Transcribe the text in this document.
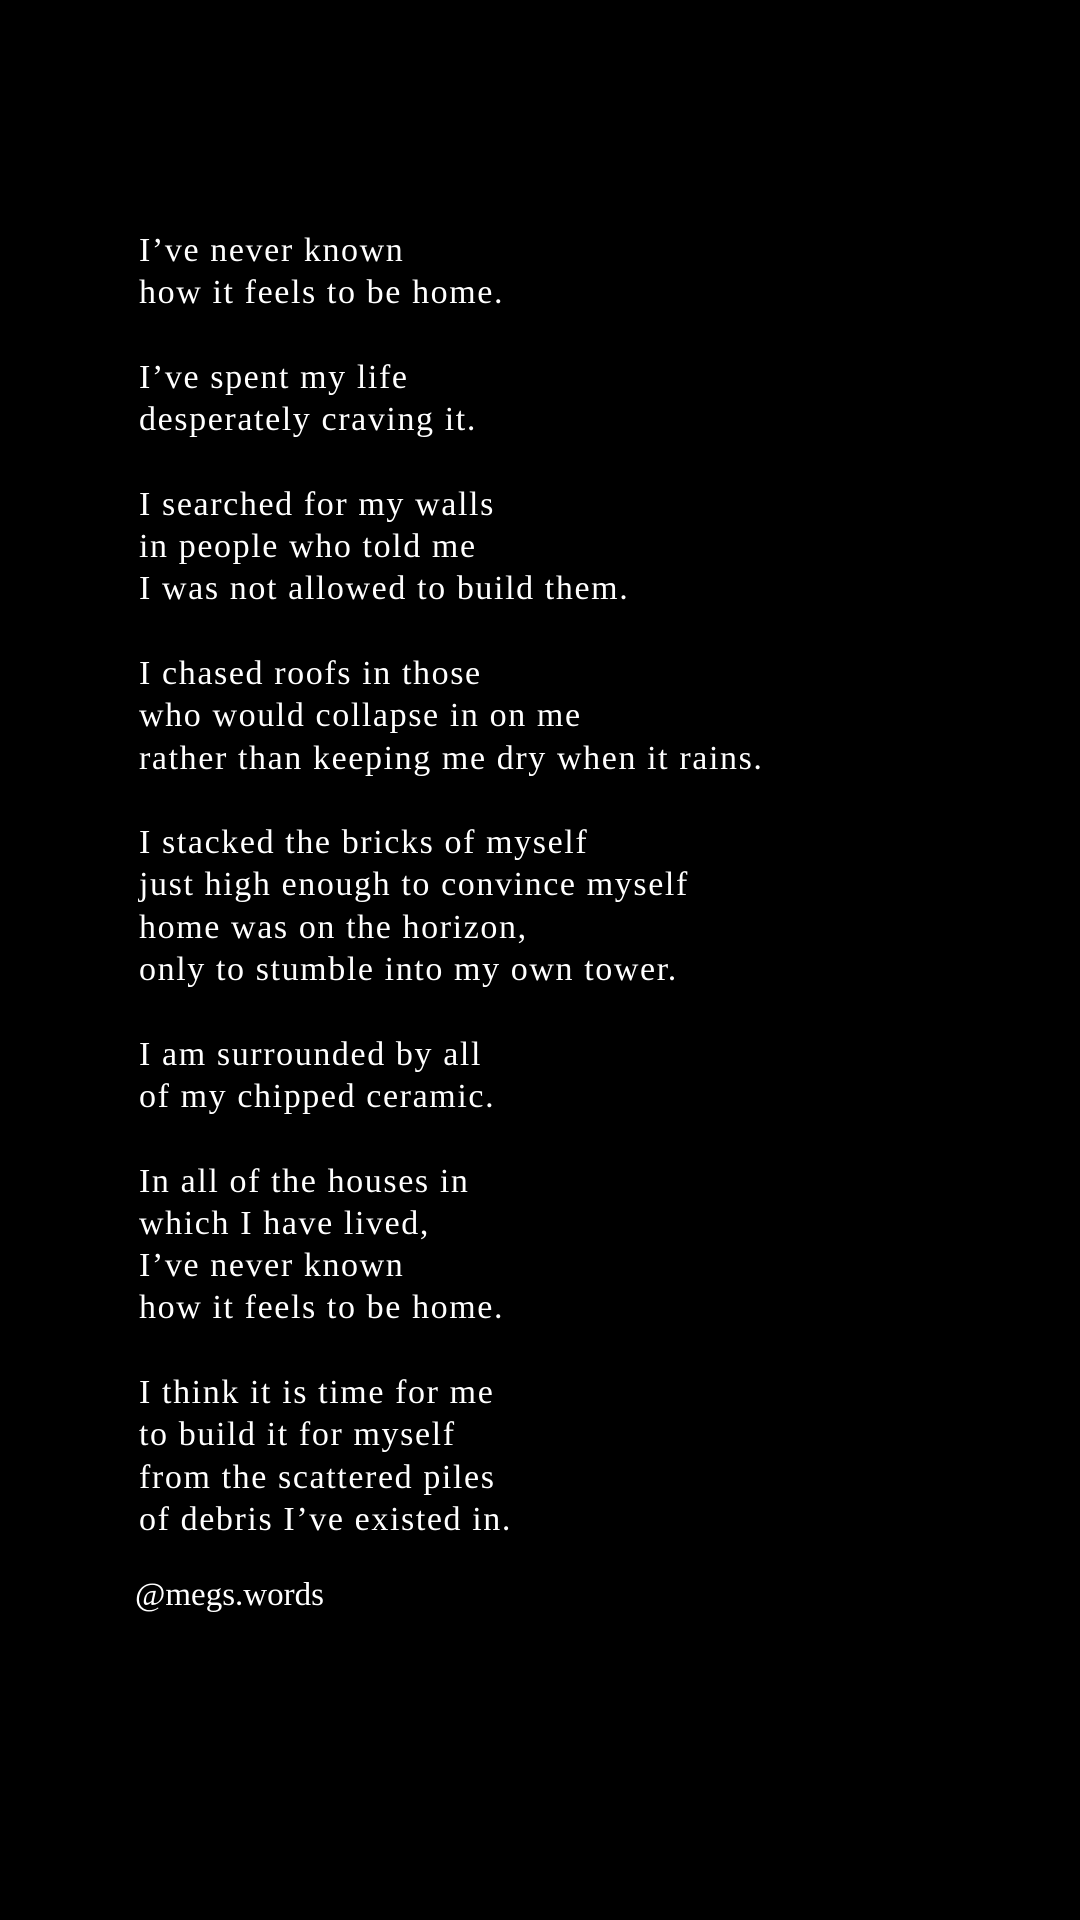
I’ve never known
how it feels to be home.
I’ve spent my life
desperately craving it.
I searched for my walls
in people who told me
I was not allowed to build them.
I chased roofs in those
who would collapse in on me
rather than keeping me dry when it rains.
I stacked the bricks of myself
just high enough to convince myself
home was on the horizon,
only to stumble into my own tower.
I am surrounded by all
of my chipped ceramic.
In all of the houses in
which I have lived,
I’ve never known
how it feels to be home.
I think it is time for me
to build it for myself
from the scattered piles
of debris I’ve existed in.
@megs.words
